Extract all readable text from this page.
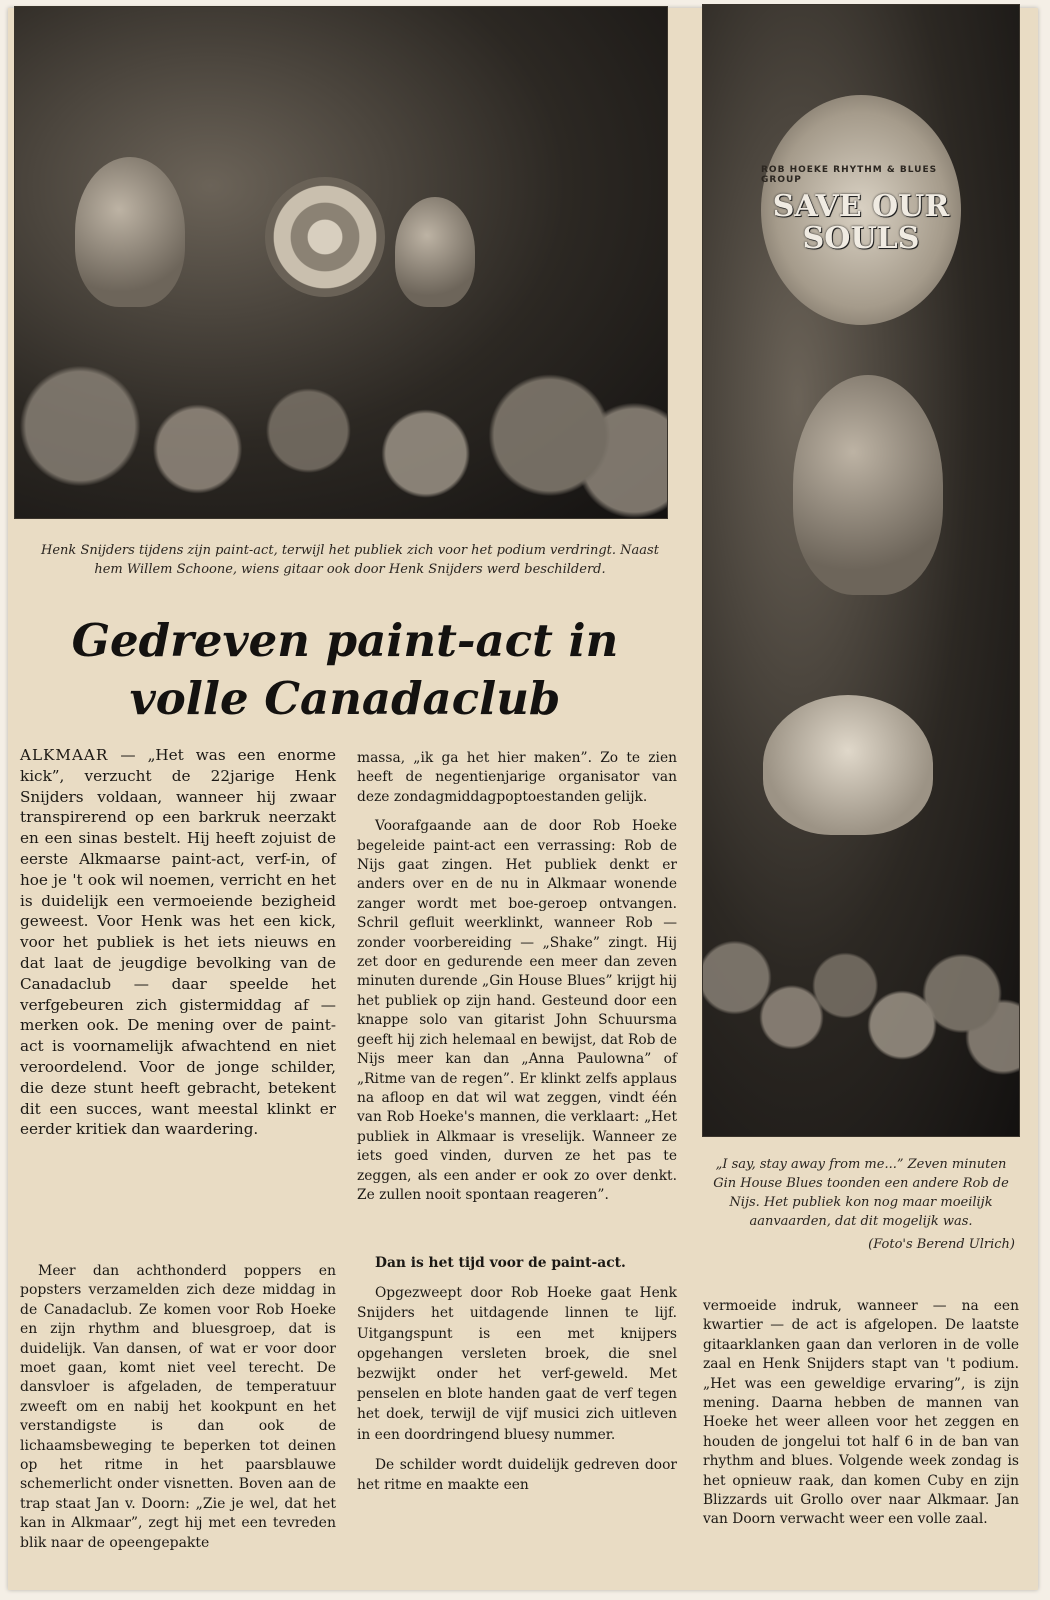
Henk Snijders tijdens zijn paint-act, terwijl het publiek zich voor het podium verdringt. Naast hem Willem Schoone, wiens gitaar ook door Henk Snijders werd beschilderd.
Gedreven paint-act in volle Canadaclub
ROB HOEKE RHYTHM & BLUES GROUP
SAVE OUR SOULS
„I say, stay away from me...” Zeven minuten Gin House Blues toonden een andere Rob de Nijs. Het publiek kon nog maar moeilijk aanvaarden, dat dit mogelijk was.
(Foto's Berend Ulrich)

ALKMAAR — „Het was een enorme kick”, verzucht de 22jarige Henk Snijders voldaan, wanneer hij zwaar transpirerend op een barkruk neerzakt en een sinas bestelt. Hij heeft zojuist de eerste Alkmaarse paint-act, verf-in, of hoe je 't ook wil noemen, verricht en het is duidelijk een vermoeiende bezigheid geweest. Voor Henk was het een kick, voor het publiek is het iets nieuws en dat laat de jeugdige bevolking van de Canadaclub — daar speelde het verfgebeuren zich gistermiddag af — merken ook. De mening over de paint-act is voornamelijk afwachtend en niet veroordelend. Voor de jonge schilder, die deze stunt heeft gebracht, betekent dit een succes, want meestal klinkt er eerder kritiek dan waardering.

Meer dan achthonderd poppers en popsters verzamelden zich deze middag in de Canadaclub. Ze komen voor Rob Hoeke en zijn rhythm and bluesgroep, dat is duidelijk. Van dansen, of wat er voor door moet gaan, komt niet veel terecht. De dansvloer is afgeladen, de temperatuur zweeft om en nabij het kookpunt en het verstandigste is dan ook de lichaamsbeweging te beperken tot deinen op het ritme in het paarsblauwe schemerlicht onder visnetten. Boven aan de trap staat Jan v. Doorn: „Zie je wel, dat het kan in Alkmaar”, zegt hij met een tevreden blik naar de opeengepakte

massa, „ik ga het hier maken”. Zo te zien heeft de negentienjarige organisator van deze zondagmiddagpoptoestanden gelijk.

Voorafgaande aan de door Rob Hoeke begeleide paint-act een verrassing: Rob de Nijs gaat zingen. Het publiek denkt er anders over en de nu in Alkmaar wonende zanger wordt met boe-geroep ontvangen. Schril gefluit weerklinkt, wanneer Rob —zonder voorbereiding — „Shake” zingt. Hij zet door en gedurende een meer dan zeven minuten durende „Gin House Blues” krijgt hij het publiek op zijn hand. Gesteund door een knappe solo van gitarist John Schuursma geeft hij zich helemaal en bewijst, dat Rob de Nijs meer kan dan „Anna Paulowna” of „Ritme van de regen”. Er klinkt zelfs applaus na afloop en dat wil wat zeggen, vindt één van Rob Hoeke's mannen, die verklaart: „Het publiek in Alkmaar is vreselijk. Wanneer ze iets goed vinden, durven ze het pas te zeggen, als een ander er ook zo over denkt. Ze zullen nooit spontaan reageren”.

Dan is het tijd voor de paint-act.

Opgezweept door Rob Hoeke gaat Henk Snijders het uitdagende linnen te lijf. Uitgangspunt is een met knijpers opgehangen versleten broek, die snel bezwijkt onder het verf-geweld. Met penselen en blote handen gaat de verf tegen het doek, terwijl de vijf musici zich uitleven in een doordringend bluesy nummer.

De schilder wordt duidelijk gedreven door het ritme en maakte een

vermoeide indruk, wanneer — na een kwartier — de act is afgelopen. De laatste gitaarklanken gaan dan verloren in de volle zaal en Henk Snijders stapt van 't podium. „Het was een geweldige ervaring”, is zijn mening. Daarna hebben de mannen van Hoeke het weer alleen voor het zeggen en houden de jongelui tot half 6 in de ban van rhythm and blues. Volgende week zondag is het opnieuw raak, dan komen Cuby en zijn Blizzards uit Grollo over naar Alkmaar. Jan van Doorn verwacht weer een volle zaal.
